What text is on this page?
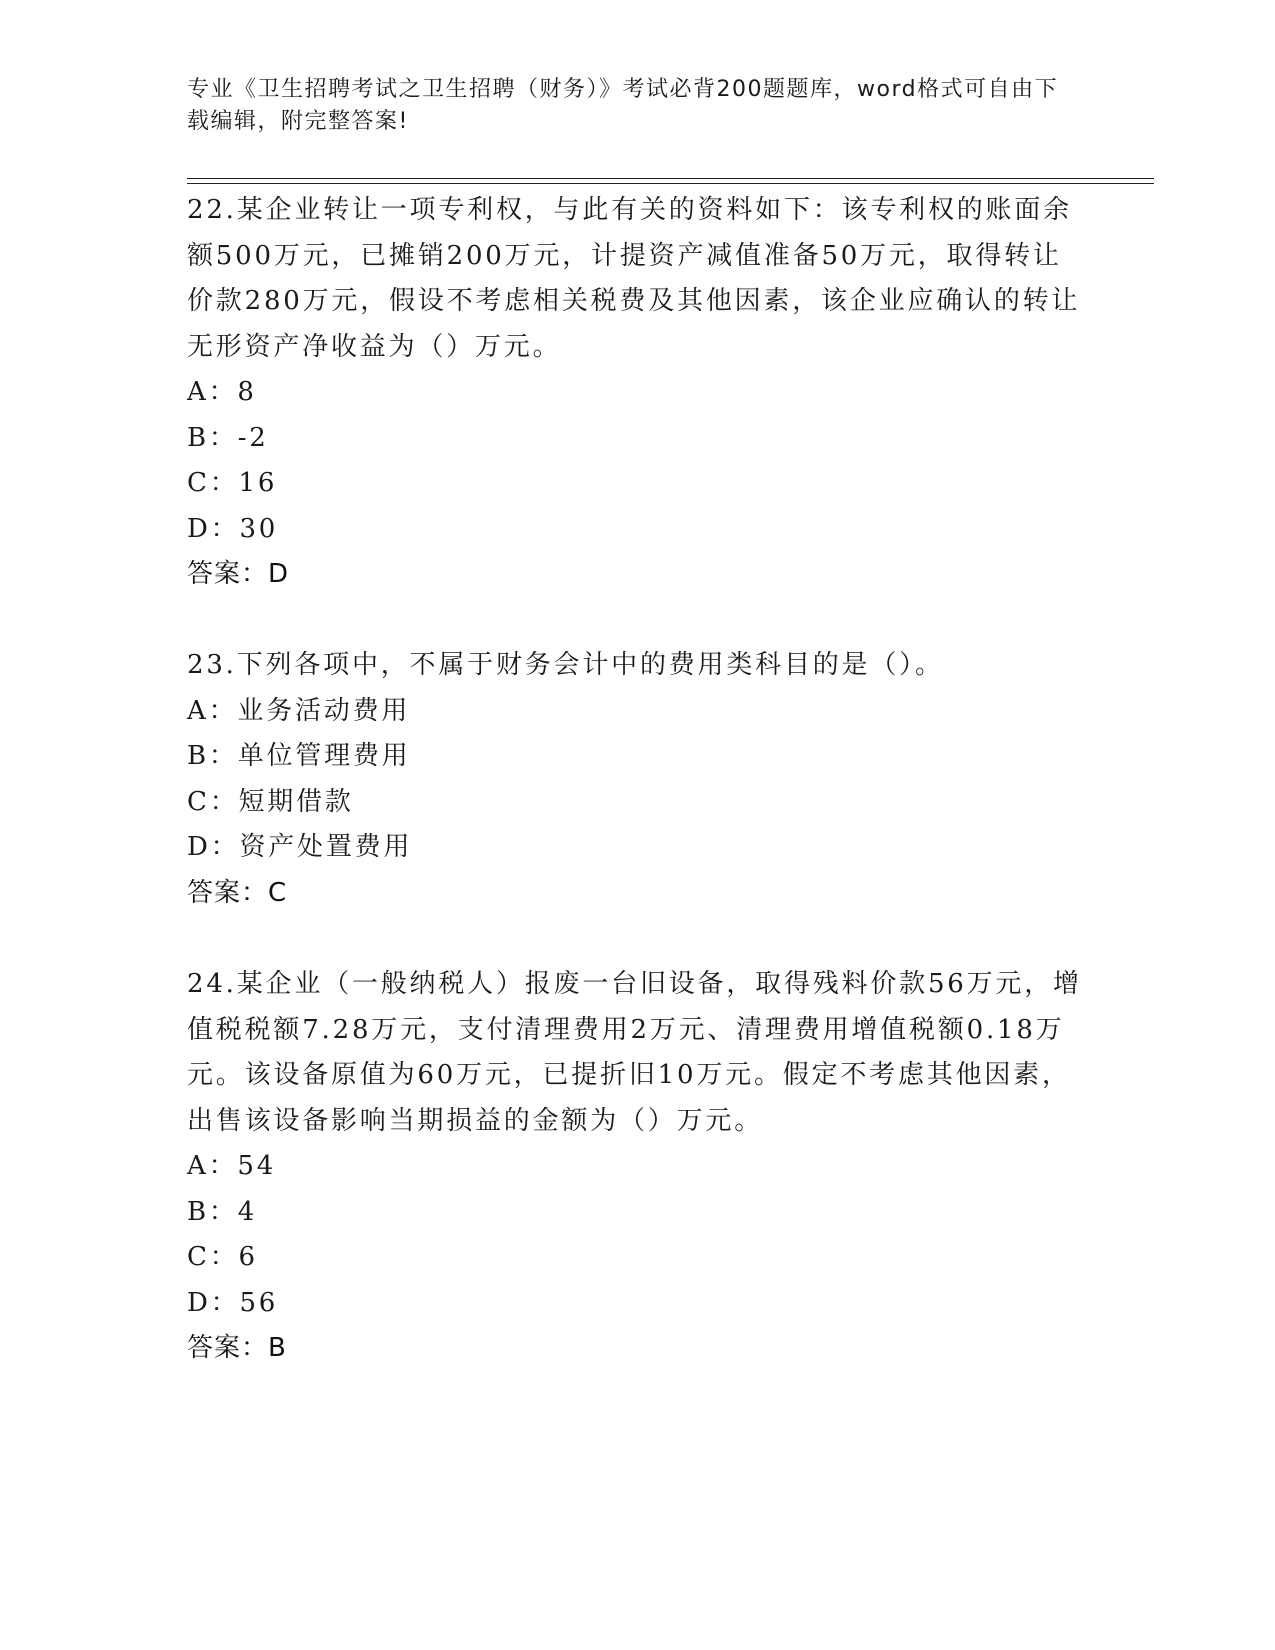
专业《卫生招聘考试之卫生招聘（财务）》考试必背200题题库，word格式可自由下载编辑，附完整答案!

22.某企业转让一项专利权，与此有关的资料如下：该专利权的账面余额500万元，已摊销200万元，计提资产减值准备50万元，取得转让价款280万元，假设不考虑相关税费及其他因素，该企业应确认的转让无形资产净收益为（）万元。

A：8
B：-2
C：16
D：30
答案：D

23.下列各项中，不属于财务会计中的费用类科目的是（）。

A：业务活动费用
B：单位管理费用
C：短期借款
D：资产处置费用
答案：C

24.某企业（一般纳税人）报废一台旧设备，取得残料价款56万元，增值税税额7.28万元，支付清理费用2万元、清理费用增值税额0.18万元。该设备原值为60万元，已提折旧10万元。假定不考虑其他因素，出售该设备影响当期损益的金额为（）万元。

A：54
B：4
C：6
D：56
答案：B
